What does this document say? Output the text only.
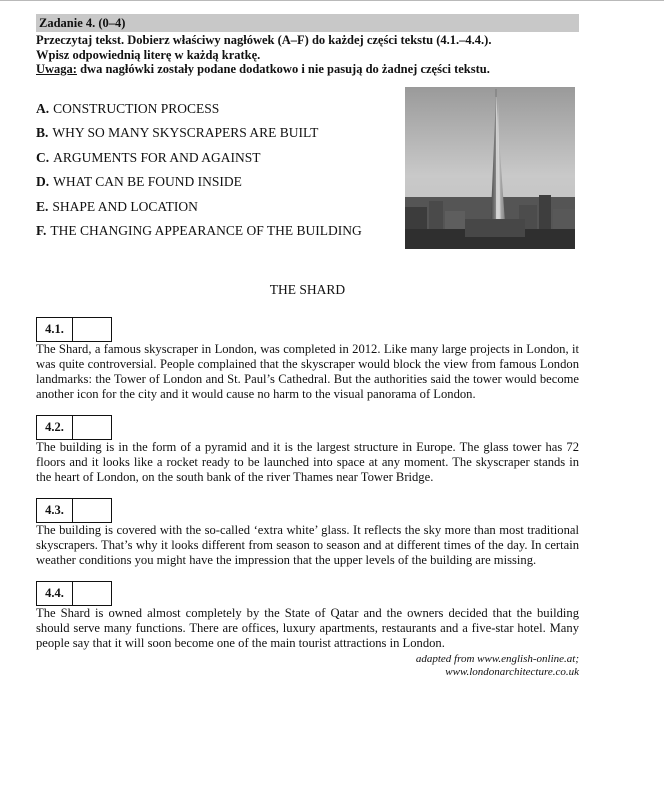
Zadanie 4. (0–4)
Przeczytaj tekst. Dobierz właściwy nagłówek (A–F) do każdej części tekstu (4.1.–4.4.).
Wpisz odpowiednią literę w każdą kratkę.
Uwaga: dwa nagłówki zostały podane dodatkowo i nie pasują do żadnej części tekstu.
A. CONSTRUCTION PROCESS
B. WHY SO MANY SKYSCRAPERS ARE BUILT
C. ARGUMENTS FOR AND AGAINST
D. WHAT CAN BE FOUND INSIDE
E. SHAPE AND LOCATION
F. THE CHANGING APPEARANCE OF THE BUILDING
THE SHARD
4.1.

The Shard, a famous skyscraper in London, was completed in 2012. Like many large projects in London, it was quite controversial. People complained that the skyscraper would block the view from famous London landmarks: the Tower of London and St. Paul’s Cathedral. But the authorities said the tower would become another icon for the city and it would cause no harm to the visual panorama of London.

4.2.

The building is in the form of a pyramid and it is the largest structure in Europe. The glass tower has 72 floors and it looks like a rocket ready to be launched into space at any moment. The skyscraper stands in the heart of London, on the south bank of the river Thames near Tower Bridge.

4.3.

The building is covered with the so-called ‘extra white’ glass. It reflects the sky more than most traditional skyscrapers. That’s why it looks different from season to season and at different times of the day. In certain weather conditions you might have the impression that the upper levels of the building are missing.

4.4.

The Shard is owned almost completely by the State of Qatar and the owners decided that the building should serve many functions. There are offices, luxury apartments, restaurants and a five-star hotel. Many people say that it will soon become one of the main tourist attractions in London.

adapted from www.english-online.at;
www.londonarchitecture.co.uk
